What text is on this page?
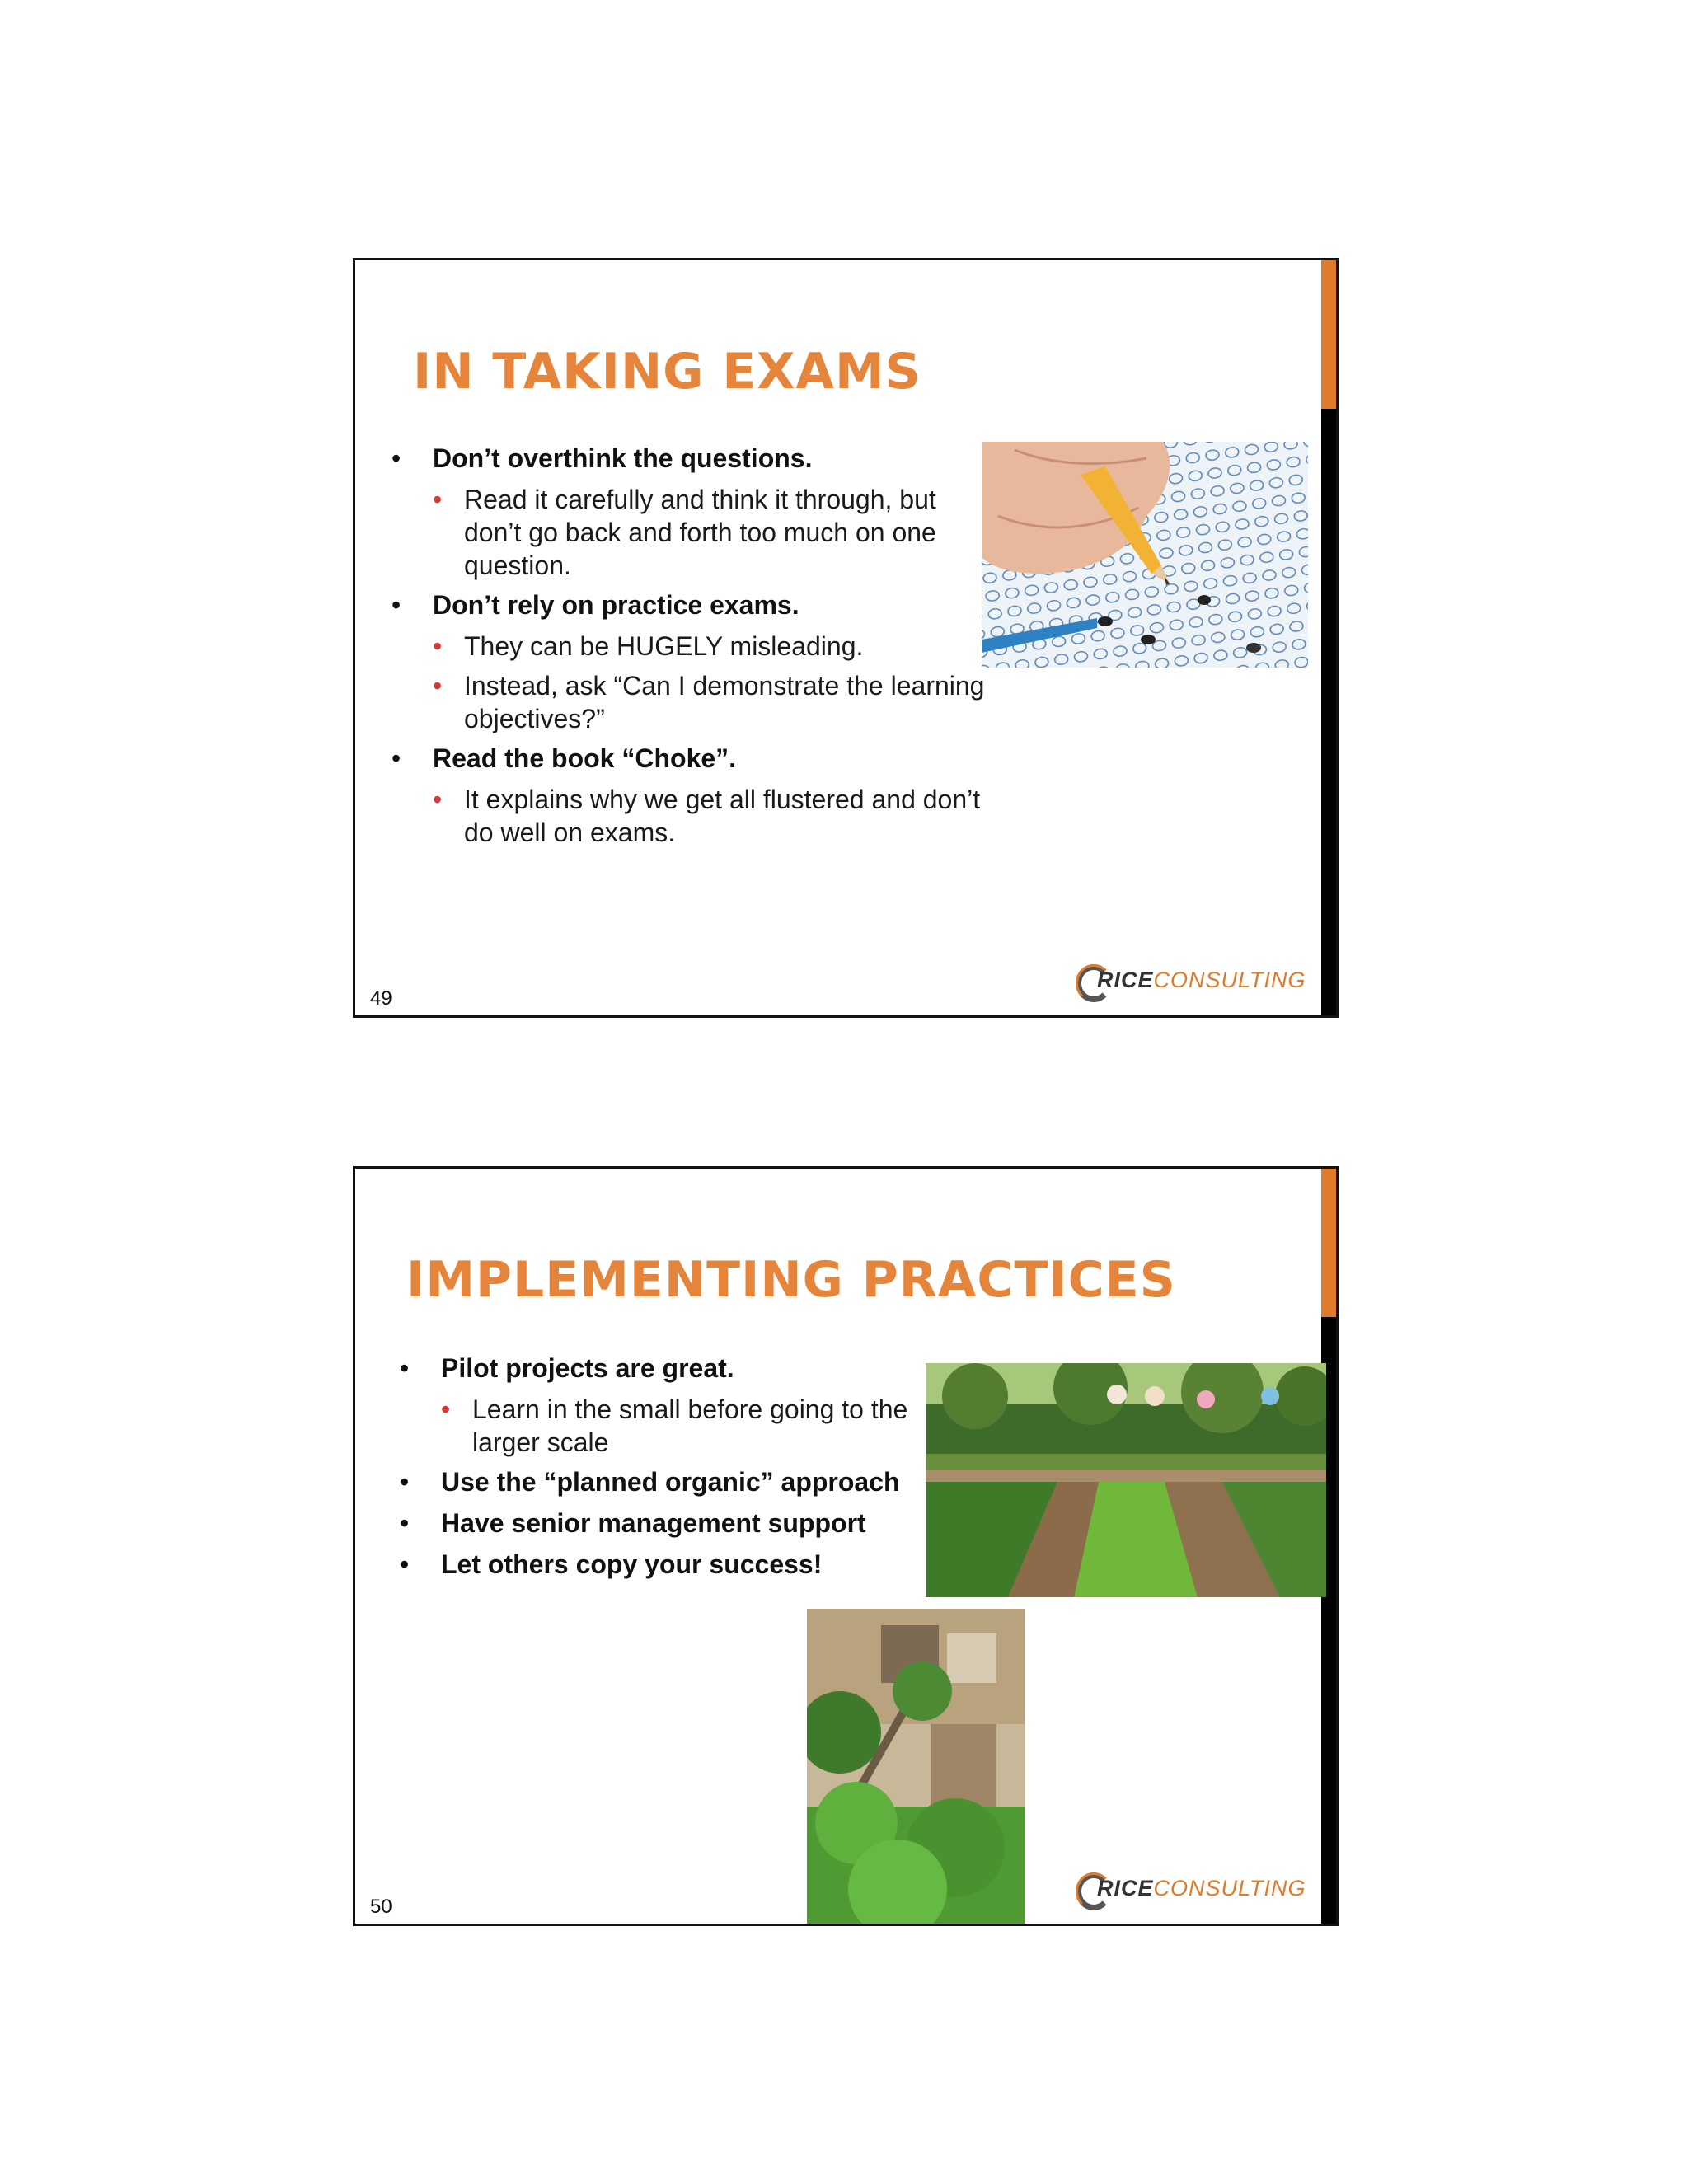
IN TAKING EXAMS
• Don’t overthink the questions.
• Read it carefully and think it through, but don’t go back and forth too much on one question.
• Don’t rely on practice exams.
• They can be HUGELY misleading.
• Instead, ask “Can I demonstrate the learning objectives?”
• Read the book “Choke”.
• It explains why we get all flustered and don’t do well on exams.
49
RICECONSULTING
IMPLEMENTING PRACTICES
• Pilot projects are great.
• Learn in the small before going to the larger scale
• Use the “planned organic” approach
• Have senior management support
• Let others copy your success!
50
RICECONSULTING
